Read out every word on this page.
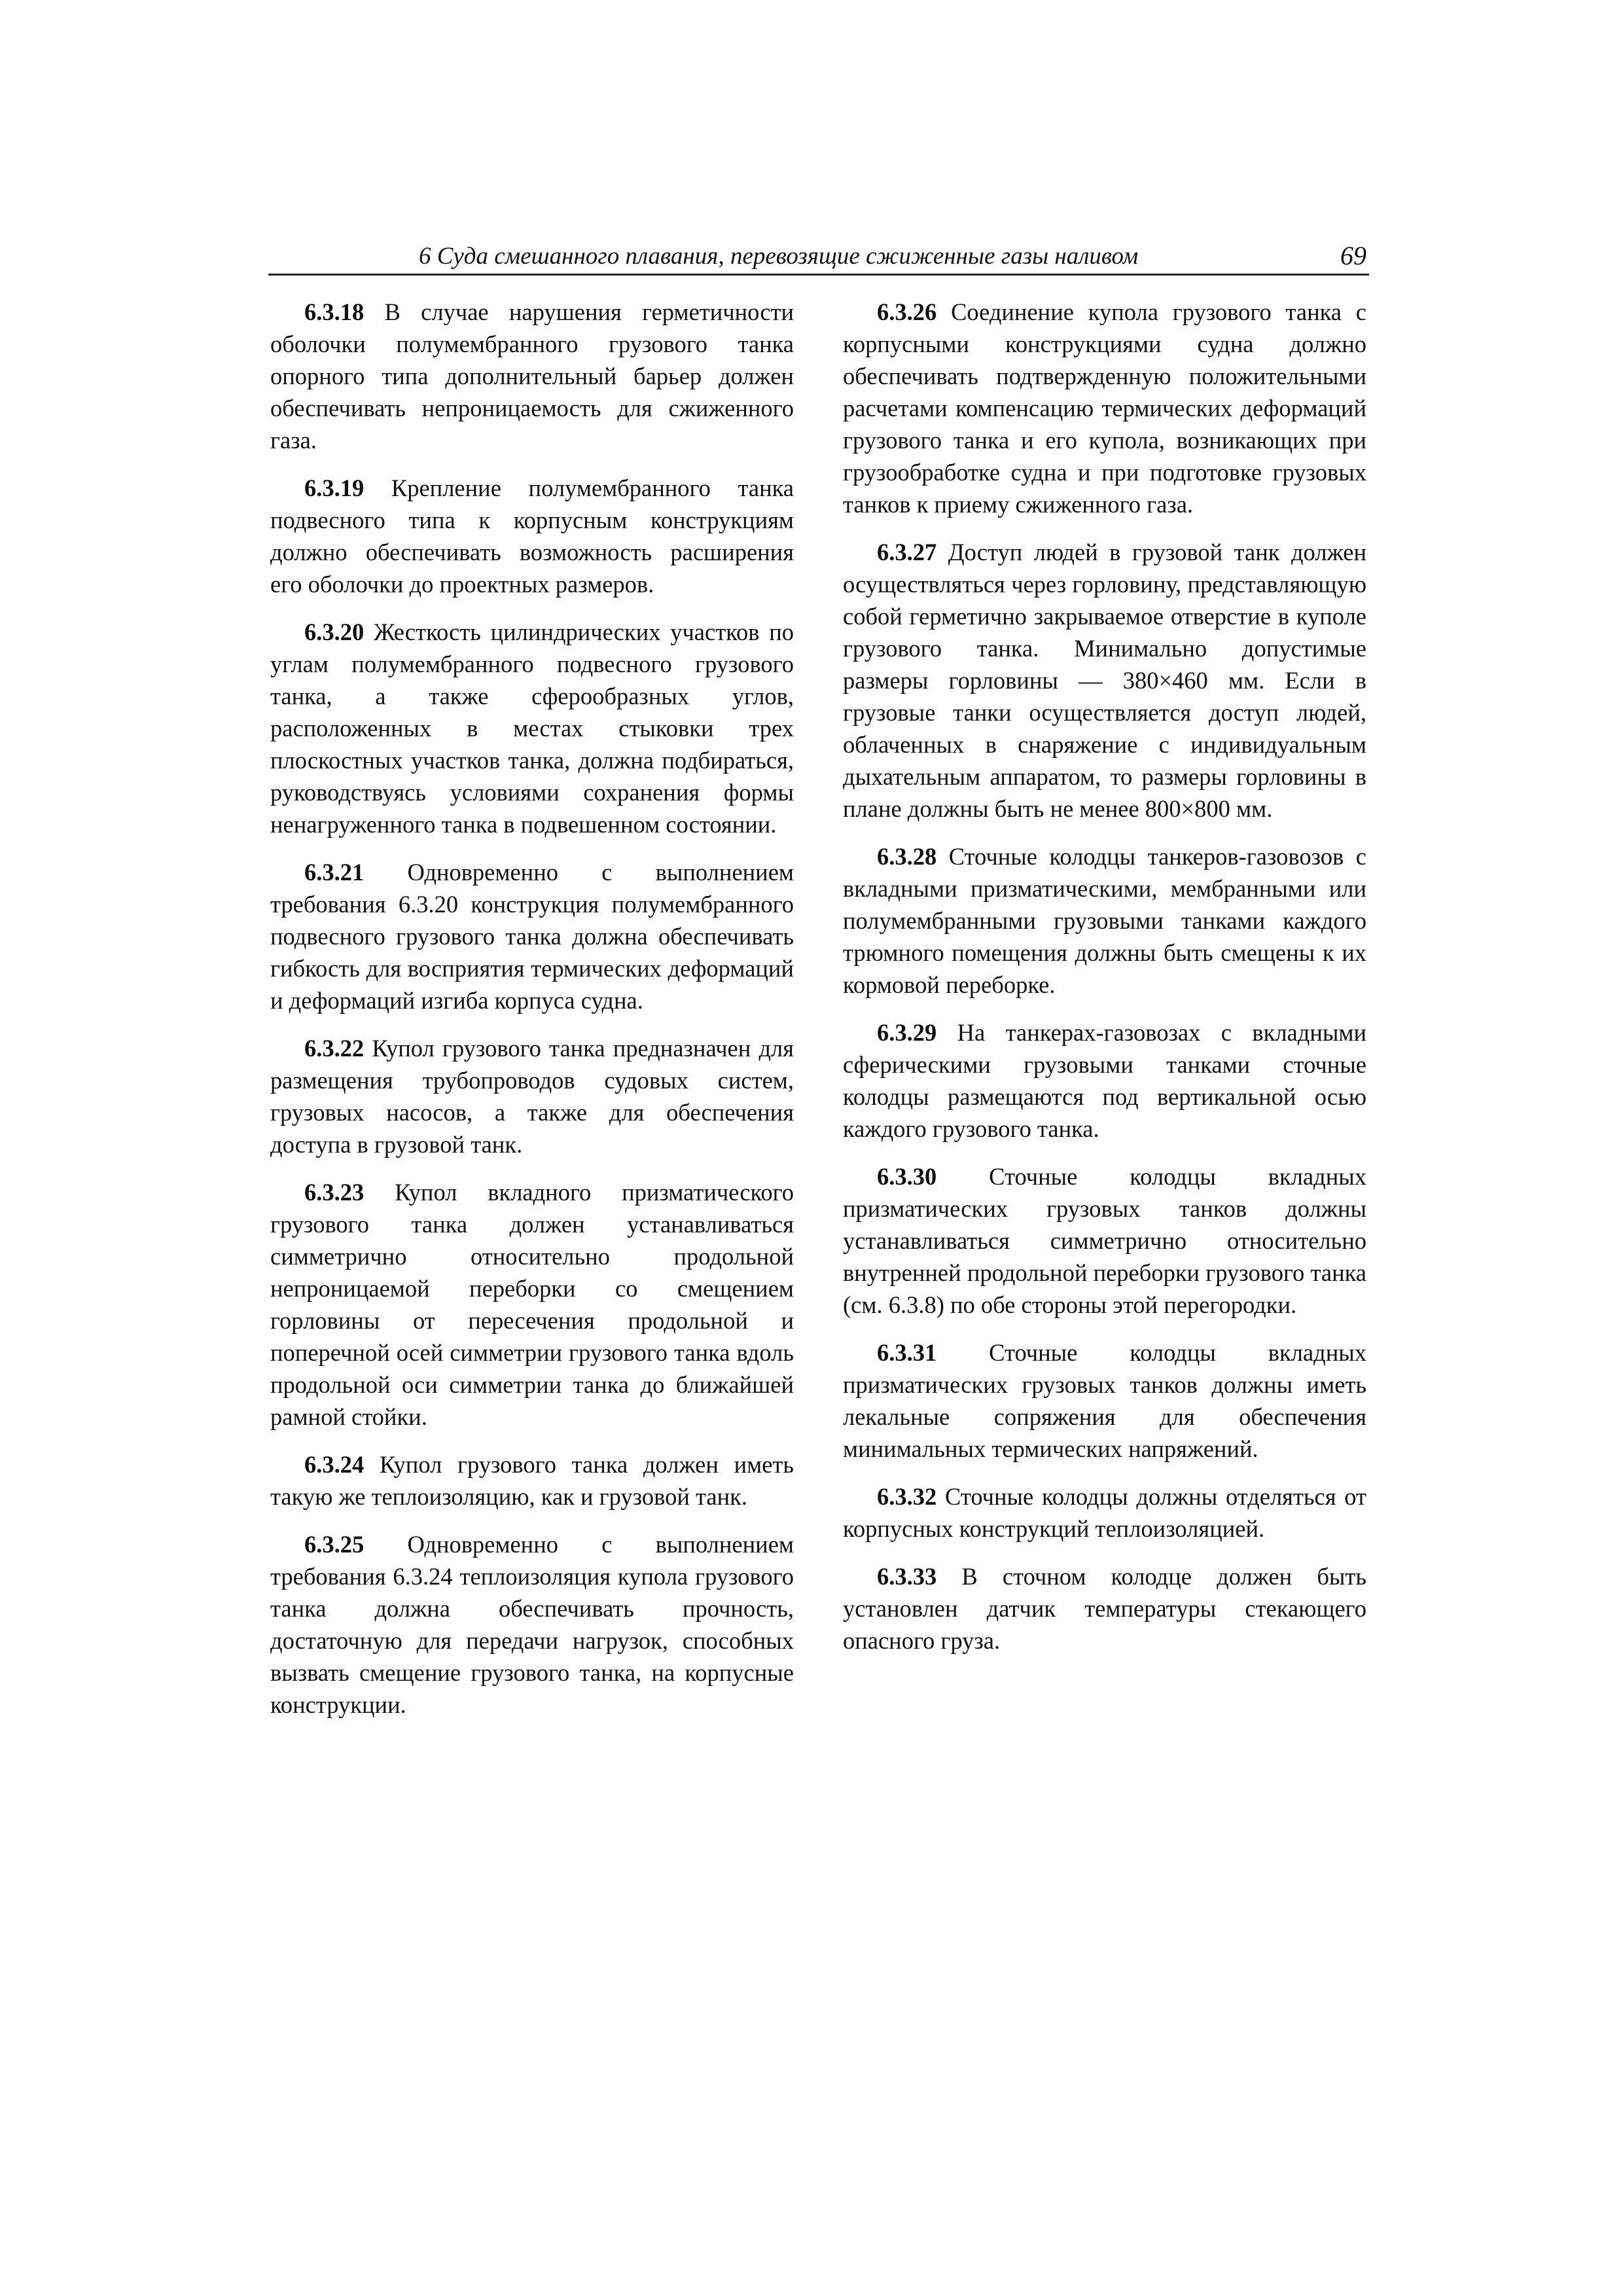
6 Суда смешанного плавания, перевозящие сжиженные газы наливом	69

6.3.18 В случае нарушения герметичности оболочки полумембранного грузового танка опорного типа дополнительный барьер должен обеспечивать непроницаемость для сжиженного газа.

6.3.19 Крепление полумембранного танка подвесного типа к корпусным конструкциям должно обеспечивать возможность расширения его оболочки до проектных размеров.

6.3.20 Жесткость цилиндрических участков по углам полумембранного подвесного грузового танка, а также сферообразных углов, расположенных в местах стыковки трех плоскостных участков танка, должна подбираться, руководствуясь условиями сохранения формы ненагруженного танка в подвешенном состоянии.

6.3.21 Одновременно с выполнением требования 6.3.20 конструкция полумембранного подвесного грузового танка должна обеспечивать гибкость для восприятия термических деформаций и деформаций изгиба корпуса судна.

6.3.22 Купол грузового танка предназначен для размещения трубопроводов судовых систем, грузовых насосов, а также для обеспечения доступа в грузовой танк.

6.3.23 Купол вкладного призматического грузового танка должен устанавливаться симметрично относительно продольной непроницаемой переборки со смещением горловины от пересечения продольной и поперечной осей симметрии грузового танка вдоль продольной оси симметрии танка до ближайшей рамной стойки.

6.3.24 Купол грузового танка должен иметь такую же теплоизоляцию, как и грузовой танк.

6.3.25 Одновременно с выполнением требования 6.3.24 теплоизоляция купола грузового танка должна обеспечивать прочность, достаточную для передачи нагрузок, способных вызвать смещение грузового танка, на корпусные конструкции.

6.3.26 Соединение купола грузового танка с корпусными конструкциями судна должно обеспечивать подтвержденную положительными расчетами компенсацию термических деформаций грузового танка и его купола, возникающих при грузообработке судна и при подготовке грузовых танков к приему сжиженного газа.

6.3.27 Доступ людей в грузовой танк должен осуществляться через горловину, представляющую собой герметично закрываемое отверстие в куполе грузового танка. Минимально допустимые размеры горловины — 380×460 мм. Если в грузовые танки осуществляется доступ людей, облаченных в снаряжение с индивидуальным дыхательным аппаратом, то размеры горловины в плане должны быть не менее 800×800 мм.

6.3.28 Сточные колодцы танкеров-газовозов с вкладными призматическими, мембранными или полумембранными грузовыми танками каждого трюмного помещения должны быть смещены к их кормовой переборке.

6.3.29 На танкерах-газовозах с вкладными сферическими грузовыми танками сточные колодцы размещаются под вертикальной осью каждого грузового танка.

6.3.30 Сточные колодцы вкладных призматических грузовых танков должны устанавливаться симметрично относительно внутренней продольной переборки грузового танка (см. 6.3.8) по обе стороны этой перегородки.

6.3.31 Сточные колодцы вкладных призматических грузовых танков должны иметь лекальные сопряжения для обеспечения минимальных термических напряжений.

6.3.32 Сточные колодцы должны отделяться от корпусных конструкций теплоизоляцией.

6.3.33 В сточном колодце должен быть установлен датчик температуры стекающего опасного груза.
